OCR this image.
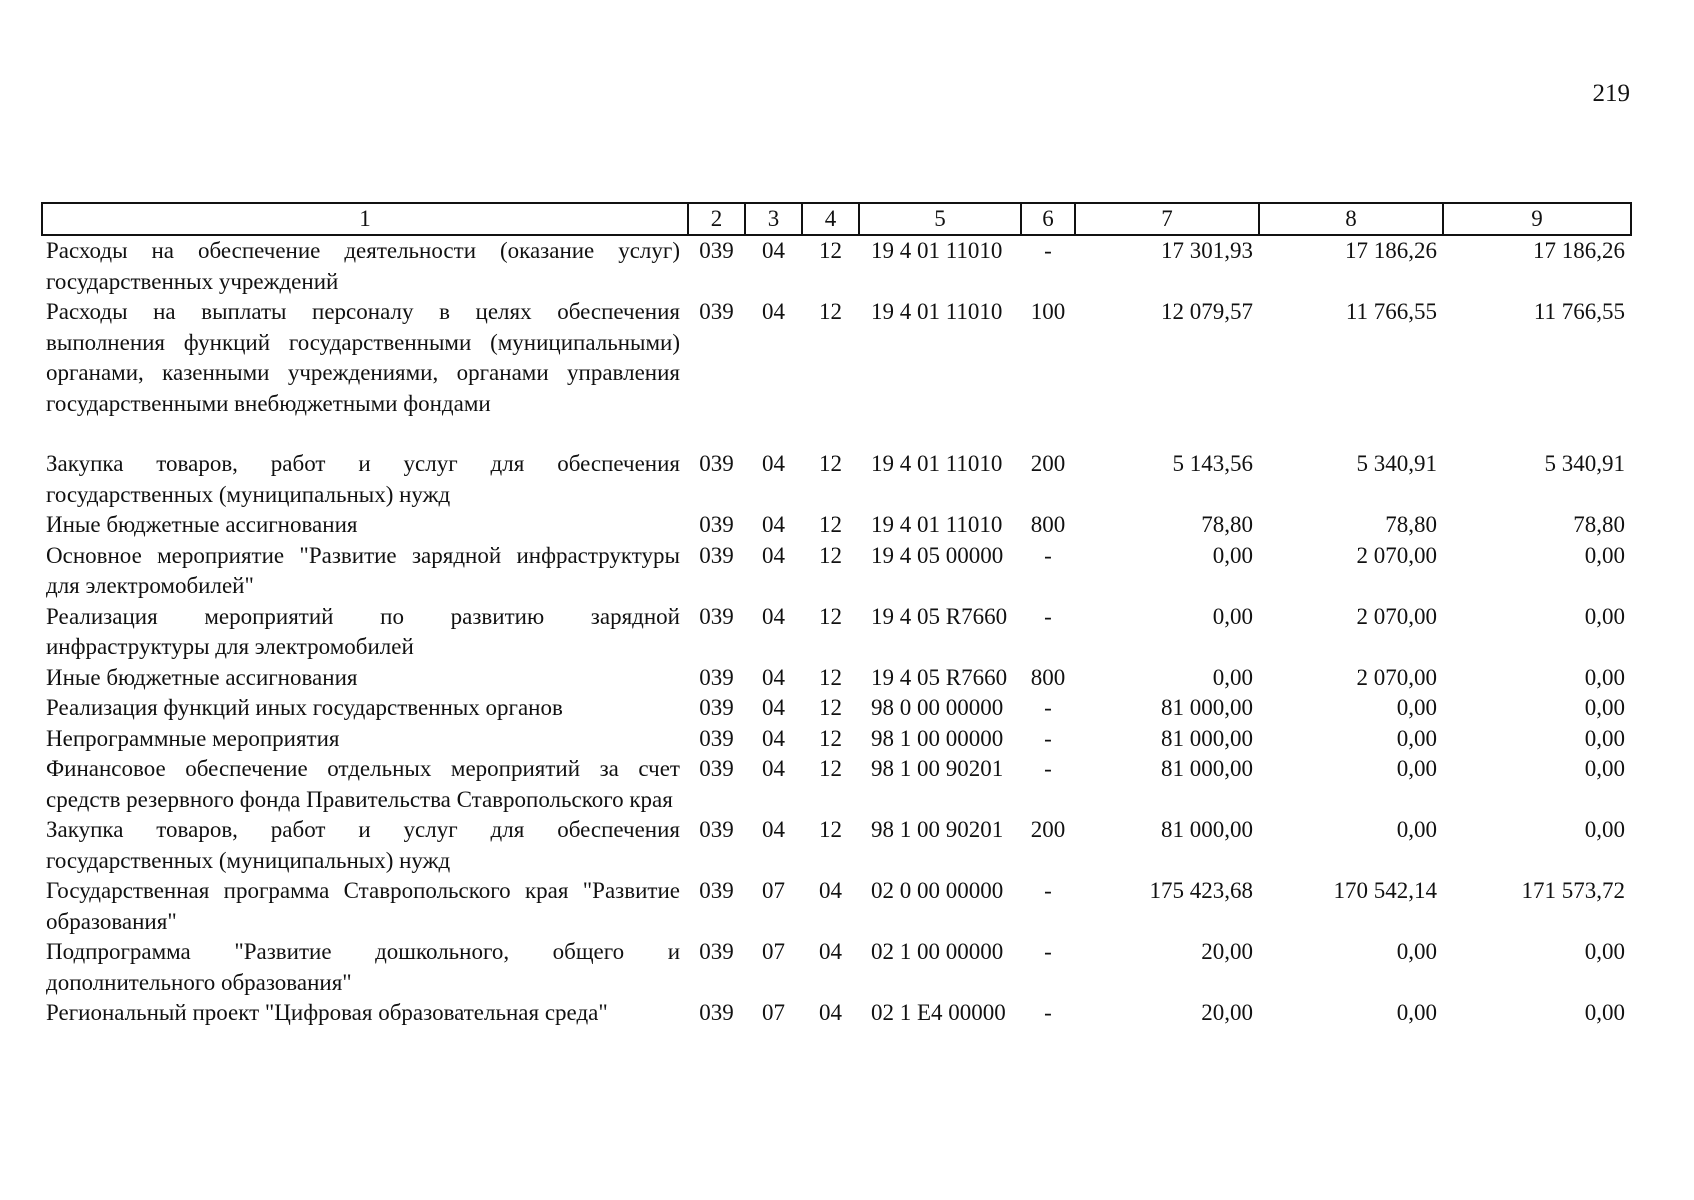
219
1	2	3	4	5	6	7	8	9
Расходы на обеспечение деятельности (оказание услуг) государственных учреждений	039	04	12	19 4 01 11010	-	17 301,93	17 186,26	17 186,26
Расходы на выплаты персоналу в целях обеспечения выполнения функций государственными (муниципальными) органами, казенными учреждениями, органами управления государственными внебюджетными фондами	039	04	12	19 4 01 11010	100	12 079,57	11 766,55	11 766,55
Закупка товаров, работ и услуг для обеспечения государственных (муниципальных) нужд	039	04	12	19 4 01 11010	200	5 143,56	5 340,91	5 340,91
Иные бюджетные ассигнования	039	04	12	19 4 01 11010	800	78,80	78,80	78,80
Основное мероприятие "Развитие зарядной инфраструктуры для электромобилей"	039	04	12	19 4 05 00000	-	0,00	2 070,00	0,00
Реализация мероприятий по развитию зарядной инфраструктуры для электромобилей	039	04	12	19 4 05 R7660	-	0,00	2 070,00	0,00
Иные бюджетные ассигнования	039	04	12	19 4 05 R7660	800	0,00	2 070,00	0,00
Реализация функций иных государственных органов	039	04	12	98 0 00 00000	-	81 000,00	0,00	0,00
Непрограммные мероприятия	039	04	12	98 1 00 00000	-	81 000,00	0,00	0,00
Финансовое обеспечение отдельных мероприятий за счет средств резервного фонда Правительства Ставропольского края	039	04	12	98 1 00 90201	-	81 000,00	0,00	0,00
Закупка товаров, работ и услуг для обеспечения государственных (муниципальных) нужд	039	04	12	98 1 00 90201	200	81 000,00	0,00	0,00
Государственная программа Ставропольского края "Развитие образования"	039	07	04	02 0 00 00000	-	175 423,68	170 542,14	171 573,72
Подпрограмма "Развитие дошкольного, общего и дополнительного образования"	039	07	04	02 1 00 00000	-	20,00	0,00	0,00
Региональный проект "Цифровая образовательная среда"	039	07	04	02 1 E4 00000	-	20,00	0,00	0,00
